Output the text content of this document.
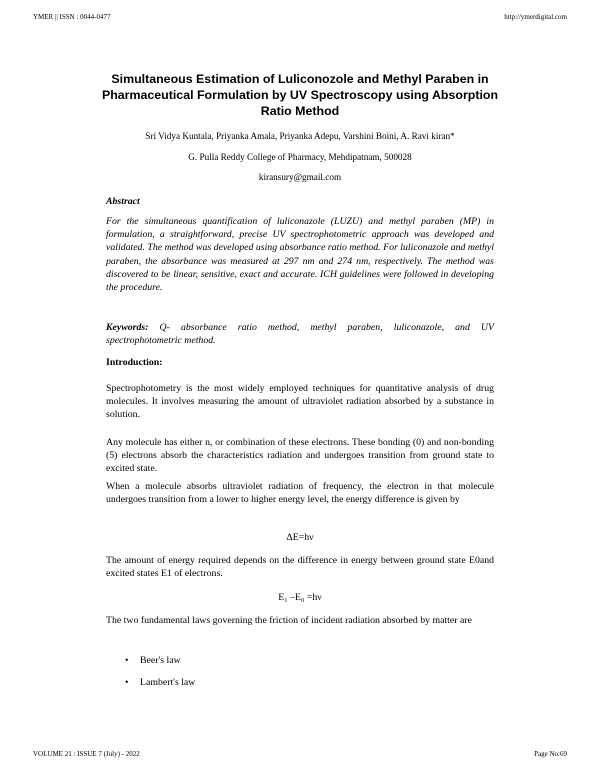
YMER || ISSN : 0044-0477	http://ymerdigital.com
Simultaneous Estimation of Luliconozole and Methyl Paraben in Pharmaceutical Formulation by UV Spectroscopy using Absorption Ratio Method
Sri Vidya Kuntala, Priyanka Amala, Priyanka Adepu, Varshini Boini, A. Ravi kiran*
G. Pulla Reddy College of Pharmacy, Mehdipatnam, 500028
kiransury@gmail.com
Abstract
For the simultaneous quantification of luliconazole (LUZU) and methyl paraben (MP) in formulation, a straightforward, precise UV spectrophotometric approach was developed and validated. The method was developed using absorbance ratio method. For luliconazole and methyl paraben, the absorbance was measured at 297 nm and 274 nm, respectively. The method was discovered to be linear, sensitive, exact and accurate. ICH guidelines were followed in developing the procedure.
Keywords: Q- absorbance ratio method, methyl paraben, luliconazole, and UV spectrophotometric method.
Introduction:
Spectrophotometry is the most widely employed techniques for quantitative analysis of drug molecules. It involves measuring the amount of ultraviolet radiation absorbed by a substance in solution.
Any molecule has either n, or combination of these electrons. These bonding (0) and non-bonding (5) electrons absorb the characteristics radiation and undergoes transition from ground state to excited state.
When a molecule absorbs ultraviolet radiation of frequency, the electron in that molecule undergoes transition from a lower to higher energy level, the energy difference is given by
ΔE=hν
The amount of energy required depends on the difference in energy between ground state E0and excited states E1 of electrons.
E₁ –E₀ =hν
The two fundamental laws governing the friction of incident radiation absorbed by matter are
• Beer's law
• Lambert's law
VOLUME 21 : ISSUE 7 (July) - 2022	Page No:69
